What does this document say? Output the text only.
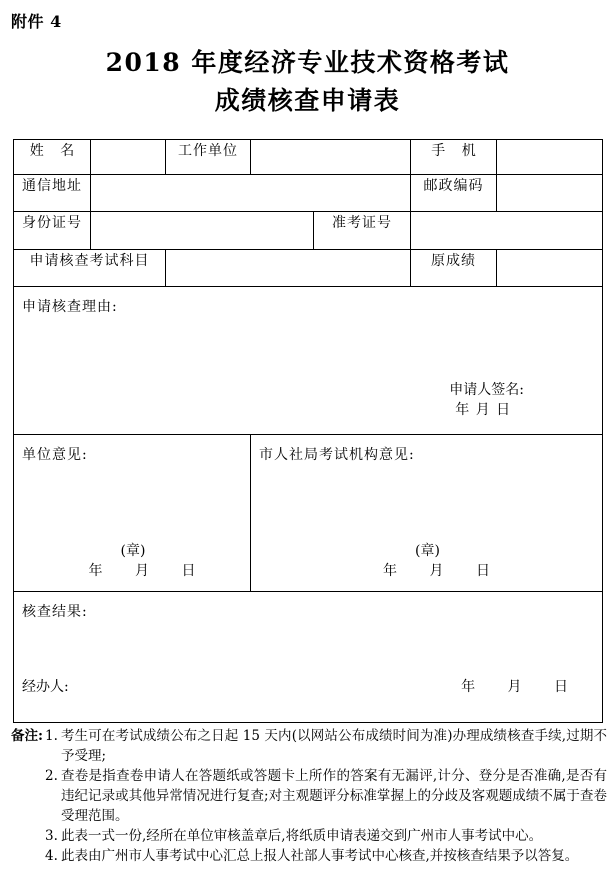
附件 4
2018 年度经济专业技术资格考试
成绩核查申请表
姓 名		工作单位			手 机	
通信地址					邮政编码	
身份证号				准考证号		
申请核查考试科目					原成绩	

申请核查理由:
申请人签名:
年 月 日						

单位意见:
(章)
年 月 日

市人社局考试机构意见:
(章)
年 月 日

核查结果:
经办人: 年 月 日						
备注: 1. 考生可在考试成绩公布之日起 15 天内(以网站公布成绩时间为准)办理成绩核查手续,过期不予受理;
2. 查卷是指查卷申请人在答题纸或答题卡上所作的答案有无漏评,计分、登分是否准确,是否有违纪记录或其他异常情况进行复查;对主观题评分标准掌握上的分歧及客观题成绩不属于查卷受理范围。
3. 此表一式一份,经所在单位审核盖章后,将纸质申请表递交到广州市人事考试中心。
4. 此表由广州市人事考试中心汇总上报人社部人事考试中心核查,并按核查结果予以答复。
